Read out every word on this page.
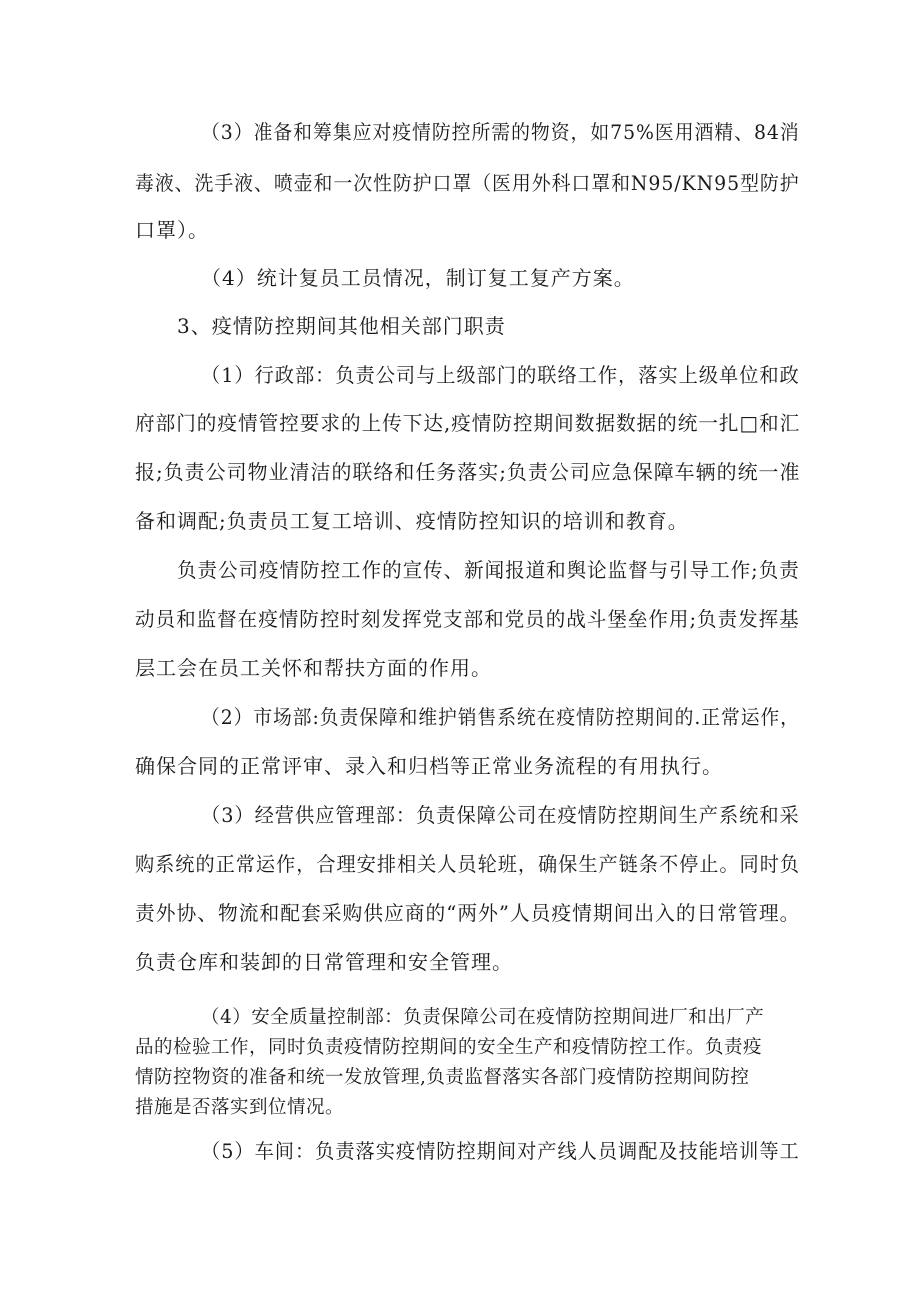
（3）准备和筹集应对疫情防控所需的物资，如75%医用酒精、84消
毒液、洗手液、喷壶和一次性防护口罩（医用外科口罩和N95/KN95型防护
口罩）。
（4）统计复员工员情况，制订复工复产方案。
3、疫情防控期间其他相关部门职责
（1）行政部：负责公司与上级部门的联络工作，落实上级单位和政
府部门的疫情管控要求的上传下达,疫情防控期间数据数据的统一扎□和汇
报;负责公司物业清洁的联络和任务落实;负责公司应急保障车辆的统一准
备和调配;负责员工复工培训、疫情防控知识的培训和教育。
负责公司疫情防控工作的宣传、新闻报道和舆论监督与引导工作;负责
动员和监督在疫情防控时刻发挥党支部和党员的战斗堡垒作用;负责发挥基
层工会在员工关怀和帮扶方面的作用。
（2）市场部:负责保障和维护销售系统在疫情防控期间的.正常运作，
确保合同的正常评审、录入和归档等正常业务流程的有用执行。
（3）经营供应管理部：负责保障公司在疫情防控期间生产系统和采
购系统的正常运作，合理安排相关人员轮班，确保生产链条不停止。同时负
责外协、物流和配套采购供应商的“两外”人员疫情期间出入的日常管理。
负责仓库和装卸的日常管理和安全管理。
（4）安全质量控制部：负责保障公司在疫情防控期间进厂和出厂产
品的检验工作，同时负责疫情防控期间的安全生产和疫情防控工作。负责疫
情防控物资的准备和统一发放管理,负责监督落实各部门疫情防控期间防控
措施是否落实到位情况。
（5）车间：负责落实疫情防控期间对产线人员调配及技能培训等工
